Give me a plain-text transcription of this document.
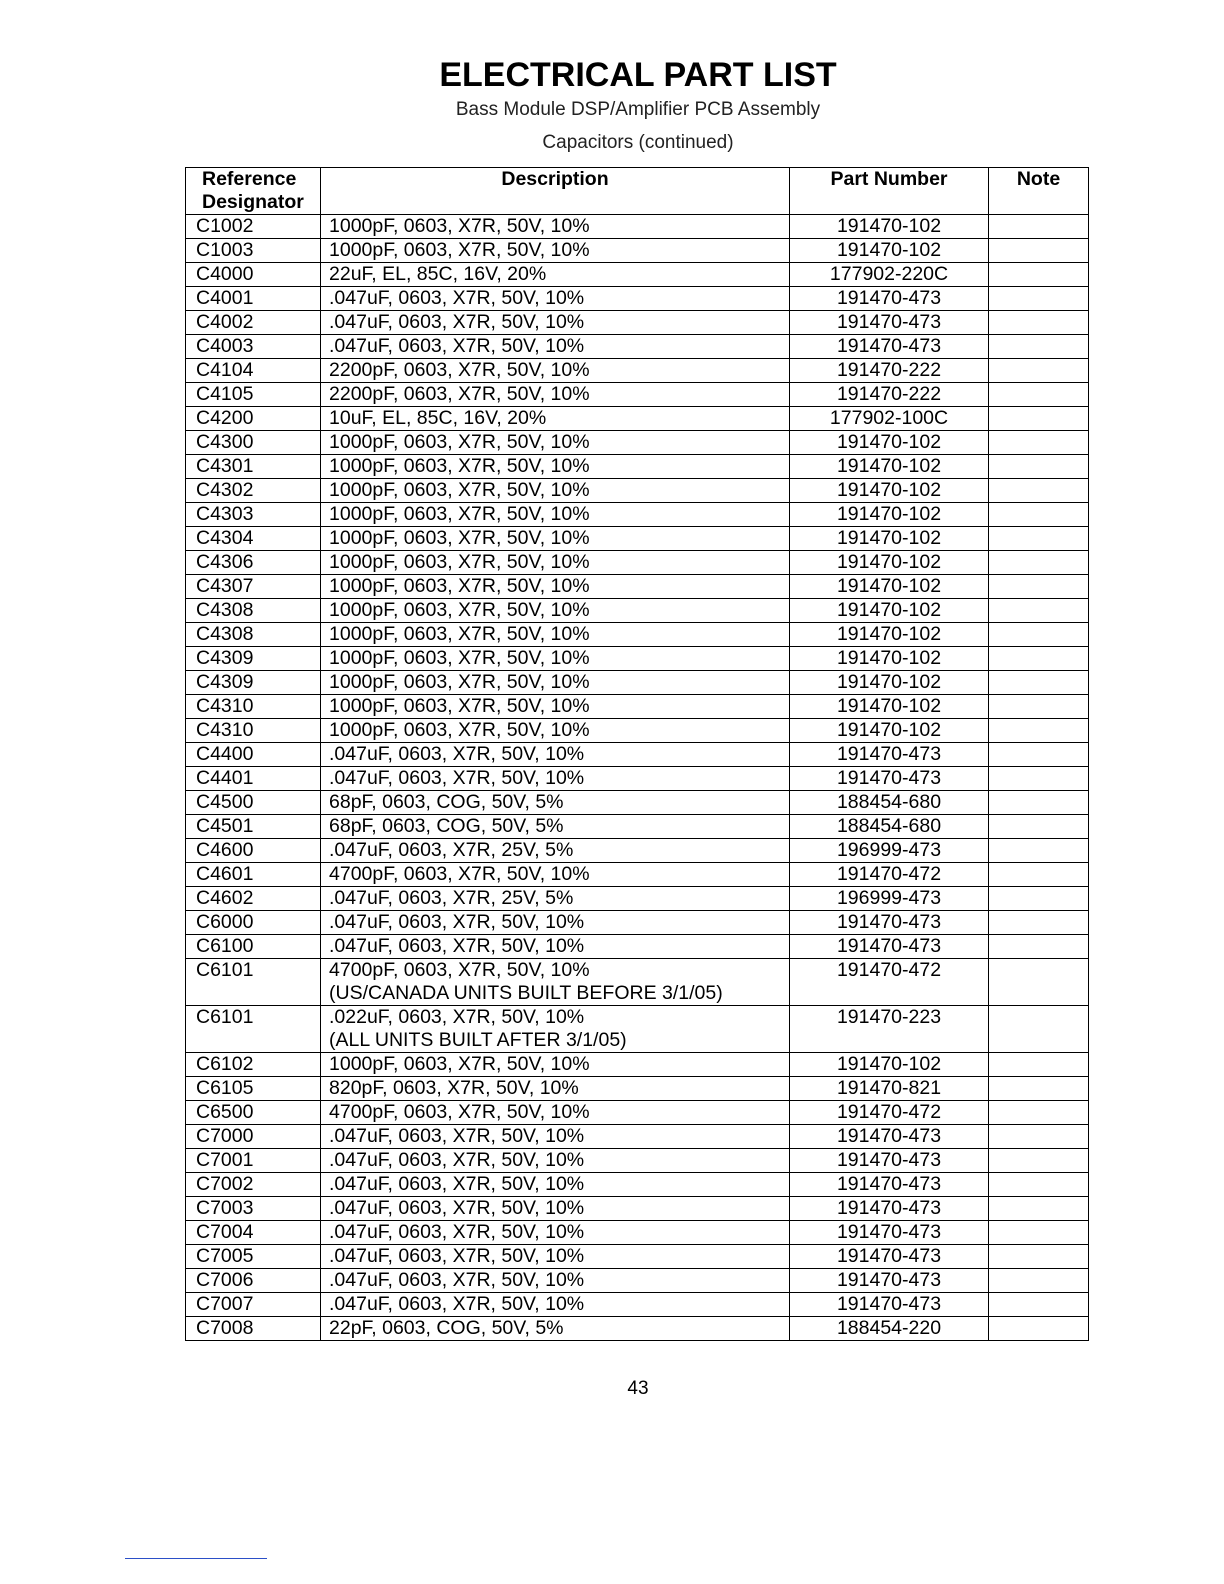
ELECTRICAL PART LIST
Bass Module DSP/Amplifier PCB Assembly
Capacitors (continued)
Reference
Designator	Description	Part Number	Note
C1002	1000pF, 0603, X7R, 50V, 10%	191470-102	
C1003	1000pF, 0603, X7R, 50V, 10%	191470-102	
C4000	22uF, EL, 85C, 16V, 20%	177902-220C	
C4001	.047uF, 0603, X7R, 50V, 10%	191470-473	
C4002	.047uF, 0603, X7R, 50V, 10%	191470-473	
C4003	.047uF, 0603, X7R, 50V, 10%	191470-473	
C4104	2200pF, 0603, X7R, 50V, 10%	191470-222	
C4105	2200pF, 0603, X7R, 50V, 10%	191470-222	
C4200	10uF, EL, 85C, 16V, 20%	177902-100C	
C4300	1000pF, 0603, X7R, 50V, 10%	191470-102	
C4301	1000pF, 0603, X7R, 50V, 10%	191470-102	
C4302	1000pF, 0603, X7R, 50V, 10%	191470-102	
C4303	1000pF, 0603, X7R, 50V, 10%	191470-102	
C4304	1000pF, 0603, X7R, 50V, 10%	191470-102	
C4306	1000pF, 0603, X7R, 50V, 10%	191470-102	
C4307	1000pF, 0603, X7R, 50V, 10%	191470-102	
C4308	1000pF, 0603, X7R, 50V, 10%	191470-102	
C4308	1000pF, 0603, X7R, 50V, 10%	191470-102	
C4309	1000pF, 0603, X7R, 50V, 10%	191470-102	
C4309	1000pF, 0603, X7R, 50V, 10%	191470-102	
C4310	1000pF, 0603, X7R, 50V, 10%	191470-102	
C4310	1000pF, 0603, X7R, 50V, 10%	191470-102	
C4400	.047uF, 0603, X7R, 50V, 10%	191470-473	
C4401	.047uF, 0603, X7R, 50V, 10%	191470-473	
C4500	68pF, 0603, COG, 50V, 5%	188454-680	
C4501	68pF, 0603, COG, 50V, 5%	188454-680	
C4600	.047uF, 0603, X7R, 25V, 5%	196999-473	
C4601	4700pF, 0603, X7R, 50V, 10%	191470-472	
C4602	.047uF, 0603, X7R, 25V, 5%	196999-473	
C6000	.047uF, 0603, X7R, 50V, 10%	191470-473	
C6100	.047uF, 0603, X7R, 50V, 10%	191470-473	
C6101	4700pF, 0603, X7R, 50V, 10%
(US/CANADA UNITS BUILT BEFORE 3/1/05)	191470-472	
C6101	.022uF, 0603, X7R, 50V, 10%
(ALL UNITS BUILT AFTER 3/1/05)	191470-223	
C6102	1000pF, 0603, X7R, 50V, 10%	191470-102	
C6105	820pF, 0603, X7R, 50V, 10%	191470-821	
C6500	4700pF, 0603, X7R, 50V, 10%	191470-472	
C7000	.047uF, 0603, X7R, 50V, 10%	191470-473	
C7001	.047uF, 0603, X7R, 50V, 10%	191470-473	
C7002	.047uF, 0603, X7R, 50V, 10%	191470-473	
C7003	.047uF, 0603, X7R, 50V, 10%	191470-473	
C7004	.047uF, 0603, X7R, 50V, 10%	191470-473	
C7005	.047uF, 0603, X7R, 50V, 10%	191470-473	
C7006	.047uF, 0603, X7R, 50V, 10%	191470-473	
C7007	.047uF, 0603, X7R, 50V, 10%	191470-473	
C7008	22pF, 0603, COG, 50V, 5%	188454-220	
43
